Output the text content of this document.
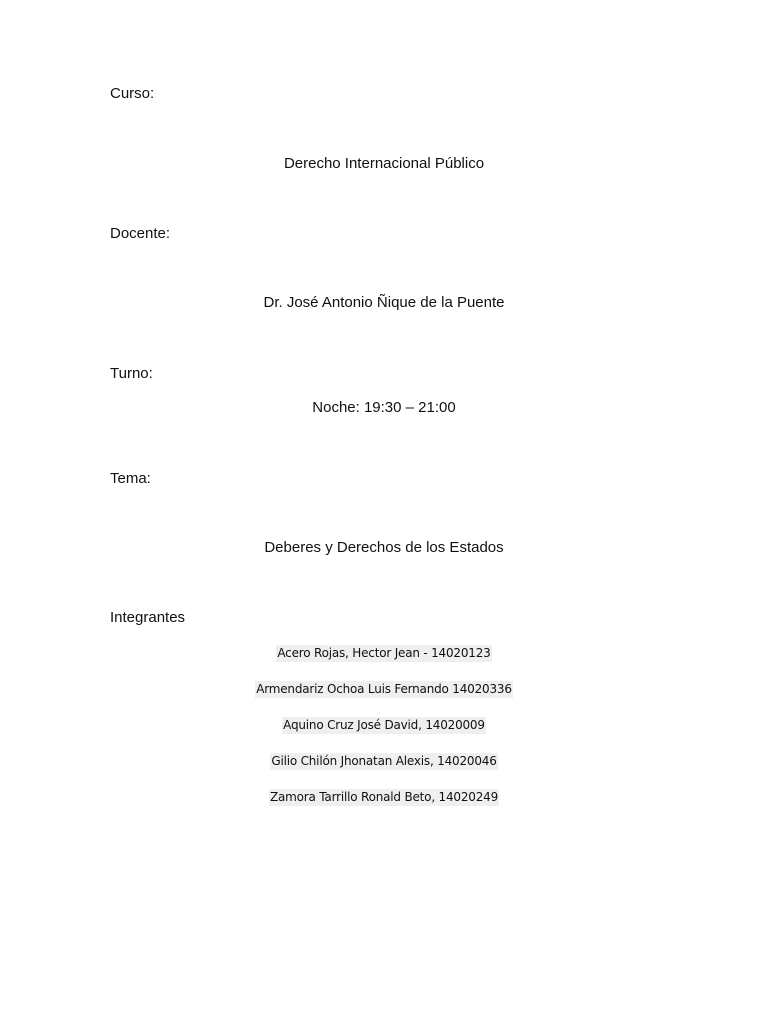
Curso:
Derecho Internacional Público
Docente:
Dr. José Antonio Ñique de la Puente
Turno:
Noche: 19:30 – 21:00
Tema:
Deberes y Derechos de los Estados
Integrantes
Acero Rojas, Hector Jean - 14020123
Armendariz Ochoa Luis Fernando 14020336
Aquino Cruz José David, 14020009
Gilio Chilón Jhonatan Alexis, 14020046
Zamora Tarrillo Ronald Beto, 14020249
